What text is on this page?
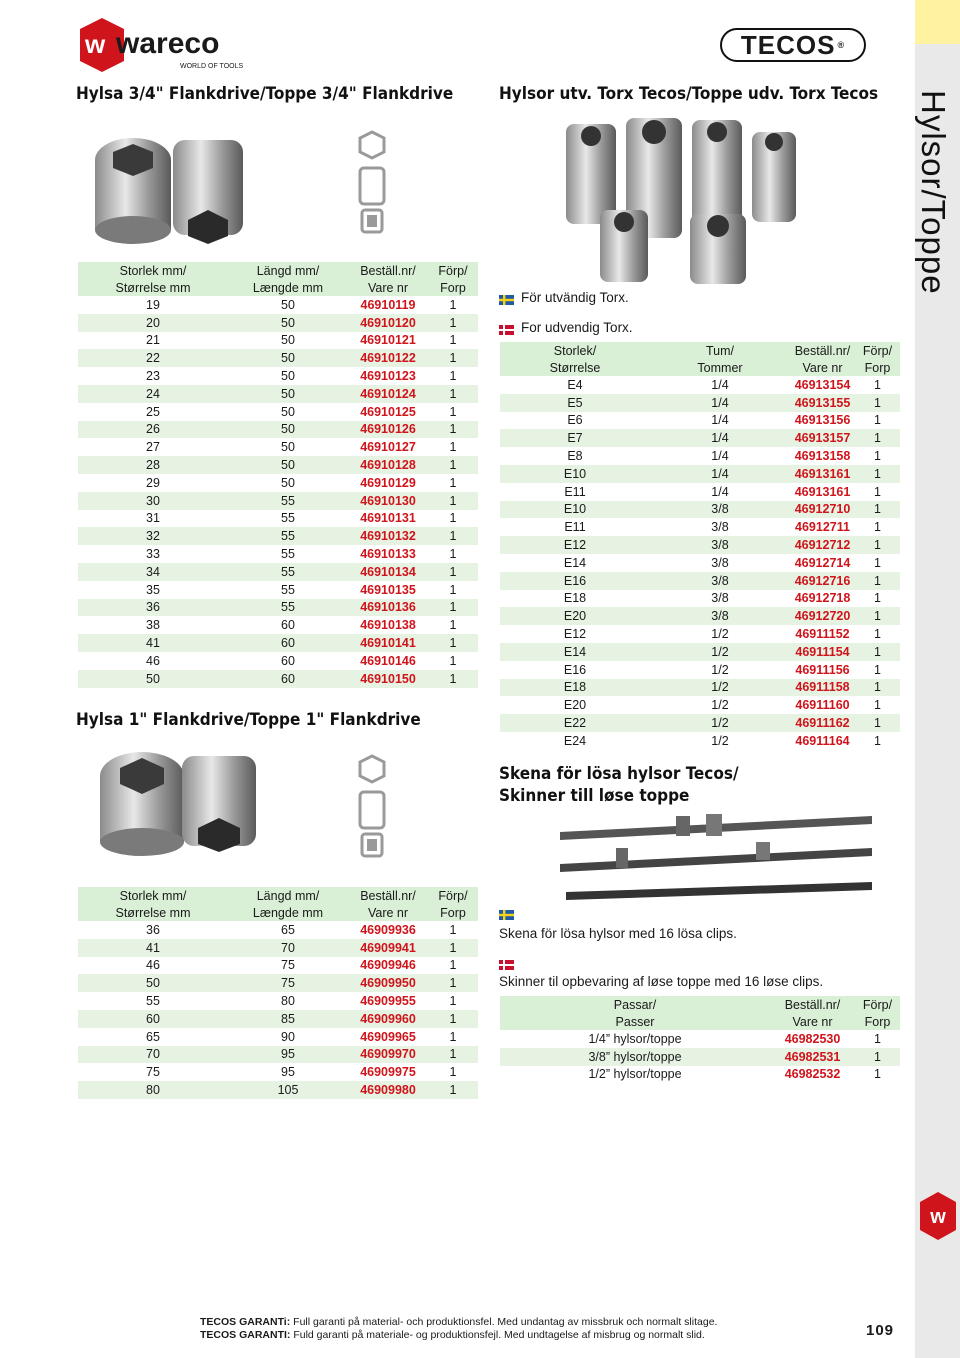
Hylsor/Toppe
w
w wareco
WORLD OF TOOLS
TECOS ®
Hylsa 3/4" Flankdrive/Toppe 3/4" Flankdrive
Storlek mm/	Längd mm/	Beställ.nr/	Förp/
Størrelse mm	Længde mm	Vare nr	Forp
19	50	46910119	1
20	50	46910120	1
21	50	46910121	1
22	50	46910122	1
23	50	46910123	1
24	50	46910124	1
25	50	46910125	1
26	50	46910126	1
27	50	46910127	1
28	50	46910128	1
29	50	46910129	1
30	55	46910130	1
31	55	46910131	1
32	55	46910132	1
33	55	46910133	1
34	55	46910134	1
35	55	46910135	1
36	55	46910136	1
38	60	46910138	1
41	60	46910141	1
46	60	46910146	1
50	60	46910150	1
Hylsa 1" Flankdrive/Toppe 1" Flankdrive
Storlek mm/	Längd mm/	Beställ.nr/	Förp/
Størrelse mm	Længde mm	Vare nr	Forp
36	65	46909936	1
41	70	46909941	1
46	75	46909946	1
50	75	46909950	1
55	80	46909955	1
60	85	46909960	1
65	90	46909965	1
70	95	46909970	1
75	95	46909975	1
80	105	46909980	1
Hylsor utv. Torx Tecos/Toppe udv. Torx Tecos
För utvändig Torx.
For udvendig Torx.
Storlek/	Tum/	Beställ.nr/	Förp/
Størrelse	Tommer	Vare nr	Forp
E4	1/4	46913154	1
E5	1/4	46913155	1
E6	1/4	46913156	1
E7	1/4	46913157	1
E8	1/4	46913158	1
E10	1/4	46913161	1
E11	1/4	46913161	1
E10	3/8	46912710	1
E11	3/8	46912711	1
E12	3/8	46912712	1
E14	3/8	46912714	1
E16	3/8	46912716	1
E18	3/8	46912718	1
E20	3/8	46912720	1
E12	1/2	46911152	1
E14	1/2	46911154	1
E16	1/2	46911156	1
E18	1/2	46911158	1
E20	1/2	46911160	1
E22	1/2	46911162	1
E24	1/2	46911164	1
Skena för lösa hylsor Tecos/
Skinner till løse toppe
Skena för lösa hylsor med 16 lösa clips.
Skinner til opbevaring af løse toppe med 16 løse clips.
Passar/		Beställ.nr/	Förp/
Passer		Vare nr	Forp
1/4” hylsor/toppe		46982530	1
3/8” hylsor/toppe		46982531	1
1/2” hylsor/toppe		46982532	1
TECOS GARANTi: Full garanti på material- och produktionsfel. Med undantag av missbruk och normalt slitage.
TECOS GARANTI: Fuld garanti på materiale- og produktionsfejl. Med undtagelse af misbrug og normalt slid.	109
